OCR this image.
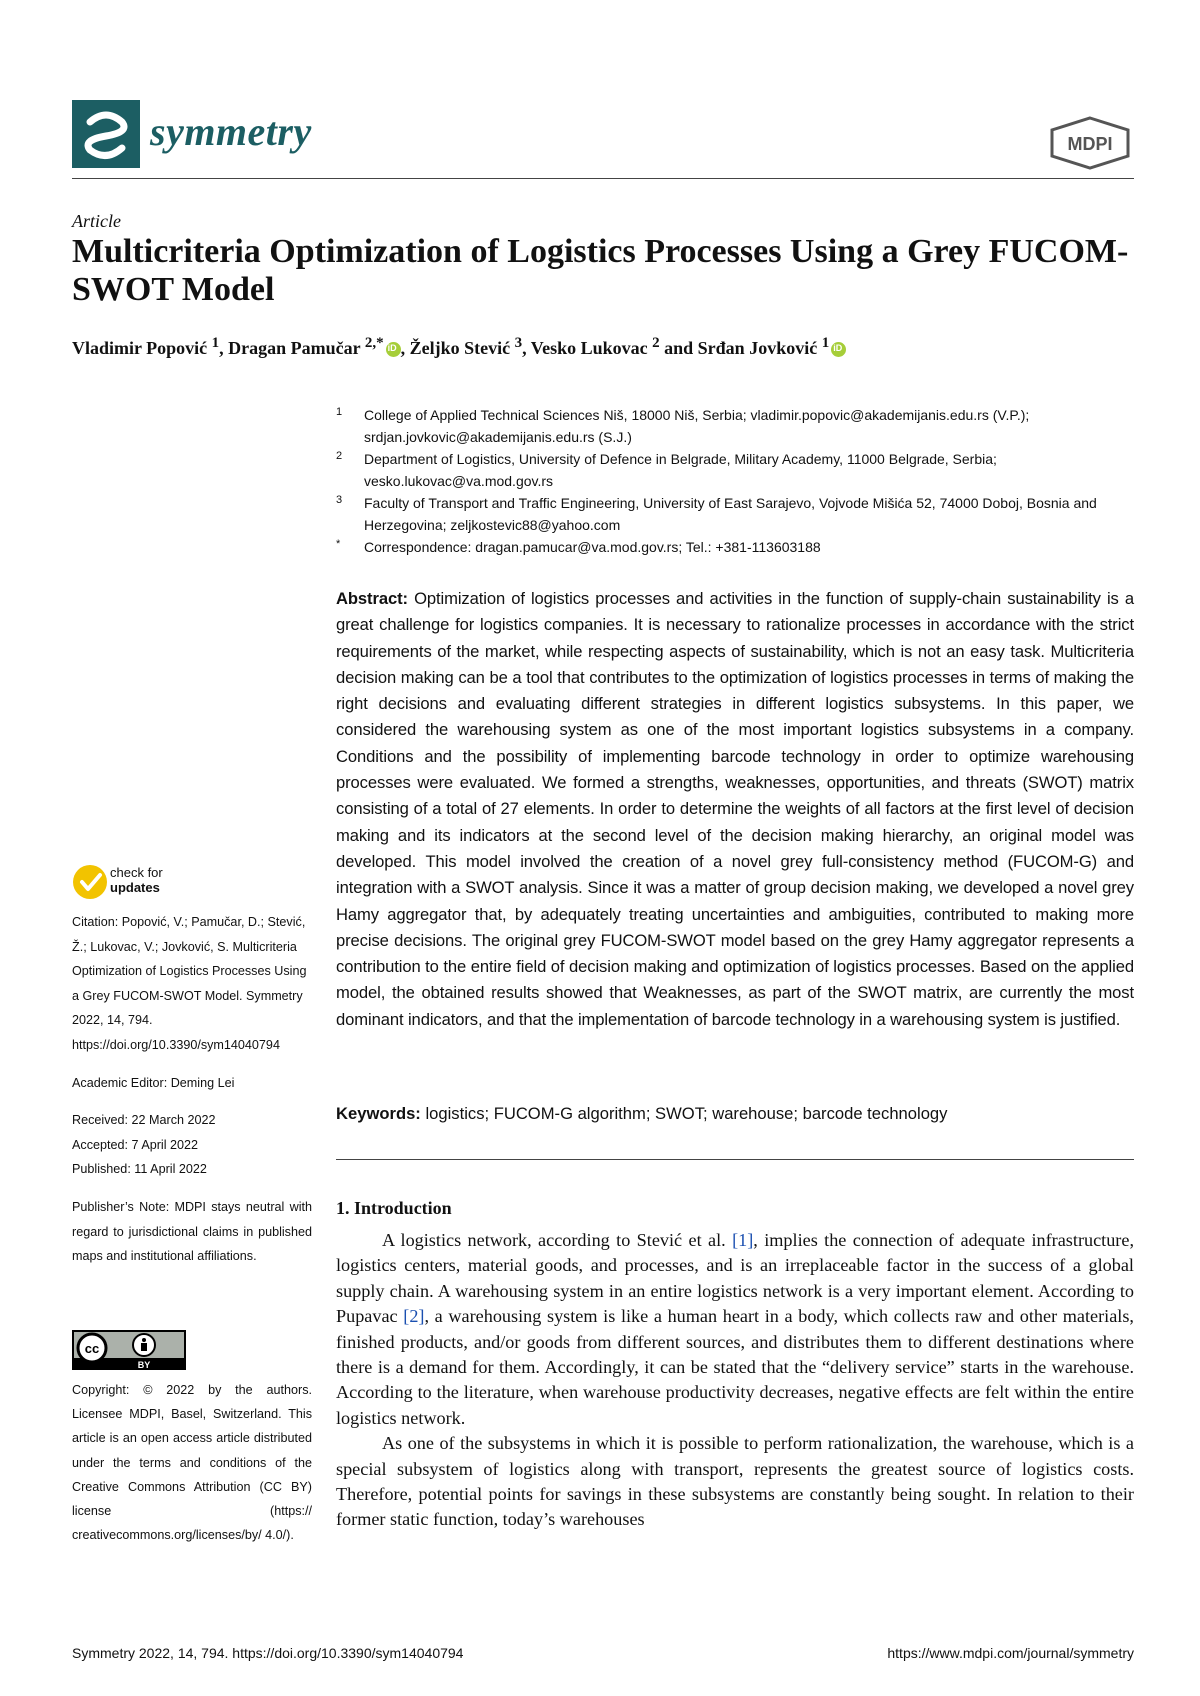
symmetry	MDPI
Article
Multicriteria Optimization of Logistics Processes Using a Grey FUCOM-SWOT Model
Vladimir Popović $^1$, Dragan Pamučar $^{2,*}$iD , Željko Stević $^3$, Vesko Lukovac $^2$ and Srđan Jovković $^1$iD
1 College of Applied Technical Sciences Niš, 18000 Niš, Serbia; vladimir.popovic@akademijanis.edu.rs (V.P.); srdjan.jovkovic@akademijanis.edu.rs (S.J.)
2 Department of Logistics, University of Defence in Belgrade, Military Academy, 11000 Belgrade, Serbia; vesko.lukovac@va.mod.gov.rs
3 Faculty of Transport and Traffic Engineering, University of East Sarajevo, Vojvode Mišića 52, 74000 Doboj, Bosnia and Herzegovina; zeljkostevic88@yahoo.com
* Correspondence: dragan.pamucar@va.mod.gov.rs; Tel.: +381-113603188
Abstract: Optimization of logistics processes and activities in the function of supply-chain sustainability is a great challenge for logistics companies. It is necessary to rationalize processes in accordance with the strict requirements of the market, while respecting aspects of sustainability, which is not an easy task. Multicriteria decision making can be a tool that contributes to the optimization of logistics processes in terms of making the right decisions and evaluating different strategies in different logistics subsystems. In this paper, we considered the warehousing system as one of the most important logistics subsystems in a company. Conditions and the possibility of implementing barcode technology in order to optimize warehousing processes were evaluated. We formed a strengths, weaknesses, opportunities, and threats (SWOT) matrix consisting of a total of 27 elements. In order to determine the weights of all factors at the first level of decision making and its indicators at the second level of the decision making hierarchy, an original model was developed. This model involved the creation of a novel grey full-consistency method (FUCOM-G) and integration with a SWOT analysis. Since it was a matter of group decision making, we developed a novel grey Hamy aggregator that, by adequately treating uncertainties and ambiguities, contributed to making more precise decisions. The original grey FUCOM-SWOT model based on the grey Hamy aggregator represents a contribution to the entire field of decision making and optimization of logistics processes. Based on the applied model, the obtained results showed that Weaknesses, as part of the SWOT matrix, are currently the most dominant indicators, and that the implementation of barcode technology in a warehousing system is justified.
Keywords: logistics; FUCOM-G algorithm; SWOT; warehouse; barcode technology
1. Introduction

A logistics network, according to Stević et al. [1], implies the connection of adequate infrastructure, logistics centers, material goods, and processes, and is an irreplaceable factor in the success of a global supply chain. A warehousing system in an entire logistics network is a very important element. According to Pupavac [2], a warehousing system is like a human heart in a body, which collects raw and other materials, finished products, and/or goods from different sources, and distributes them to different destinations where there is a demand for them. Accordingly, it can be stated that the “delivery service” starts in the warehouse. According to the literature, when warehouse productivity decreases, negative effects are felt within the entire logistics network.

As one of the subsystems in which it is possible to perform rationalization, the warehouse, which is a special subsystem of logistics along with transport, represents the greatest source of logistics costs. Therefore, potential points for savings in these subsystems are constantly being sought. In relation to their former static function, today’s warehouses

check for
updates
Citation: Popović, V.; Pamučar, D.; Stević, Ž.; Lukovac, V.; Jovković, S. Multicriteria Optimization of Logistics Processes Using a Grey FUCOM-SWOT Model. Symmetry 2022, 14, 794. https://doi.org/10.3390/sym14040794
Academic Editor: Deming Lei
Received: 22 March 2022
Accepted: 7 April 2022
Published: 11 April 2022
Publisher’s Note: MDPI stays neutral with regard to jurisdictional claims in published maps and institutional affiliations.
cc
BY
Copyright: © 2022 by the authors. Licensee MDPI, Basel, Switzerland. This article is an open access article distributed under the terms and conditions of the Creative Commons Attribution (CC BY) license (https:// creativecommons.org/licenses/by/ 4.0/).
Symmetry 2022, 14, 794. https://doi.org/10.3390/sym14040794	https://www.mdpi.com/journal/symmetry
